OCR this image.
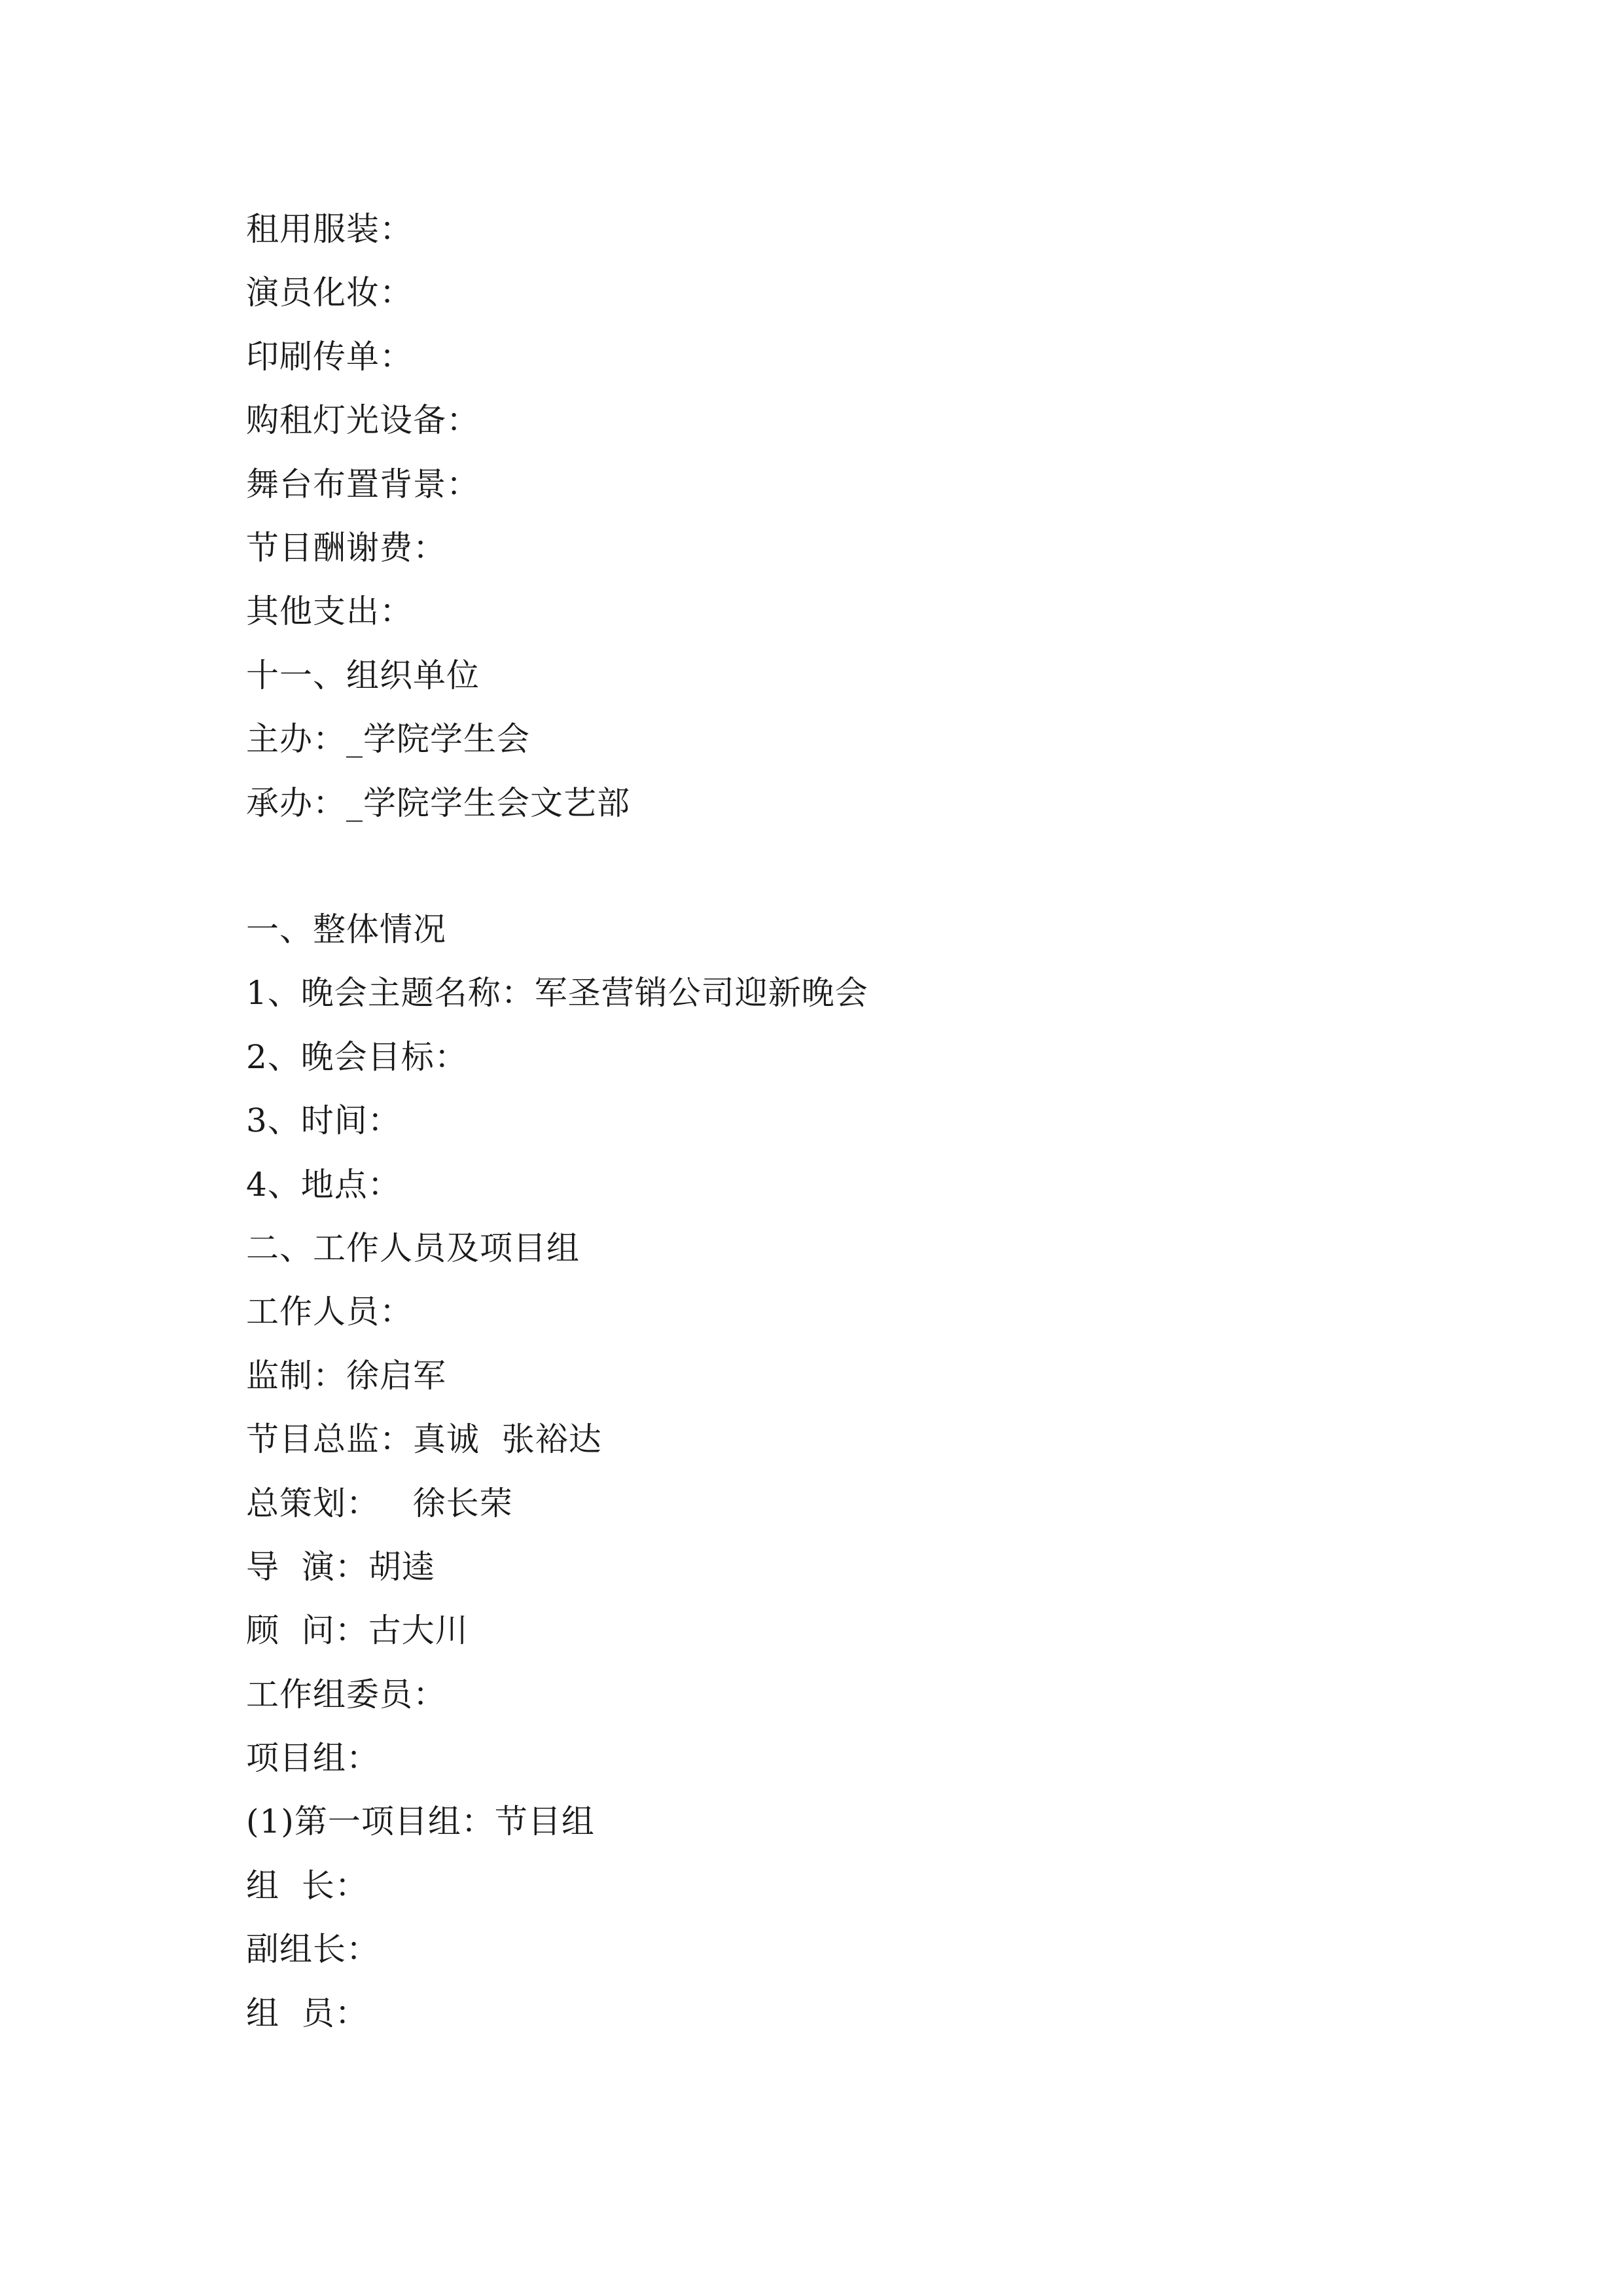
租用服装：
演员化妆：
印刷传单：
购租灯光设备：
舞台布置背景：
节目酬谢费：
其他支出：
十一、组织单位
主办：_学院学生会
承办：_学院学生会文艺部
一、整体情况
1、晚会主题名称：军圣营销公司迎新晚会
2、晚会目标：
3、时间：
4、地点：
二、工作人员及项目组
工作人员：
监制：徐启军
节目总监：真诚  张裕达
总策划：   徐长荣
导  演：胡逵
顾  问：古大川
工作组委员：
项目组：
(1)第一项目组：节目组
组  长：
副组长：
组  员：
